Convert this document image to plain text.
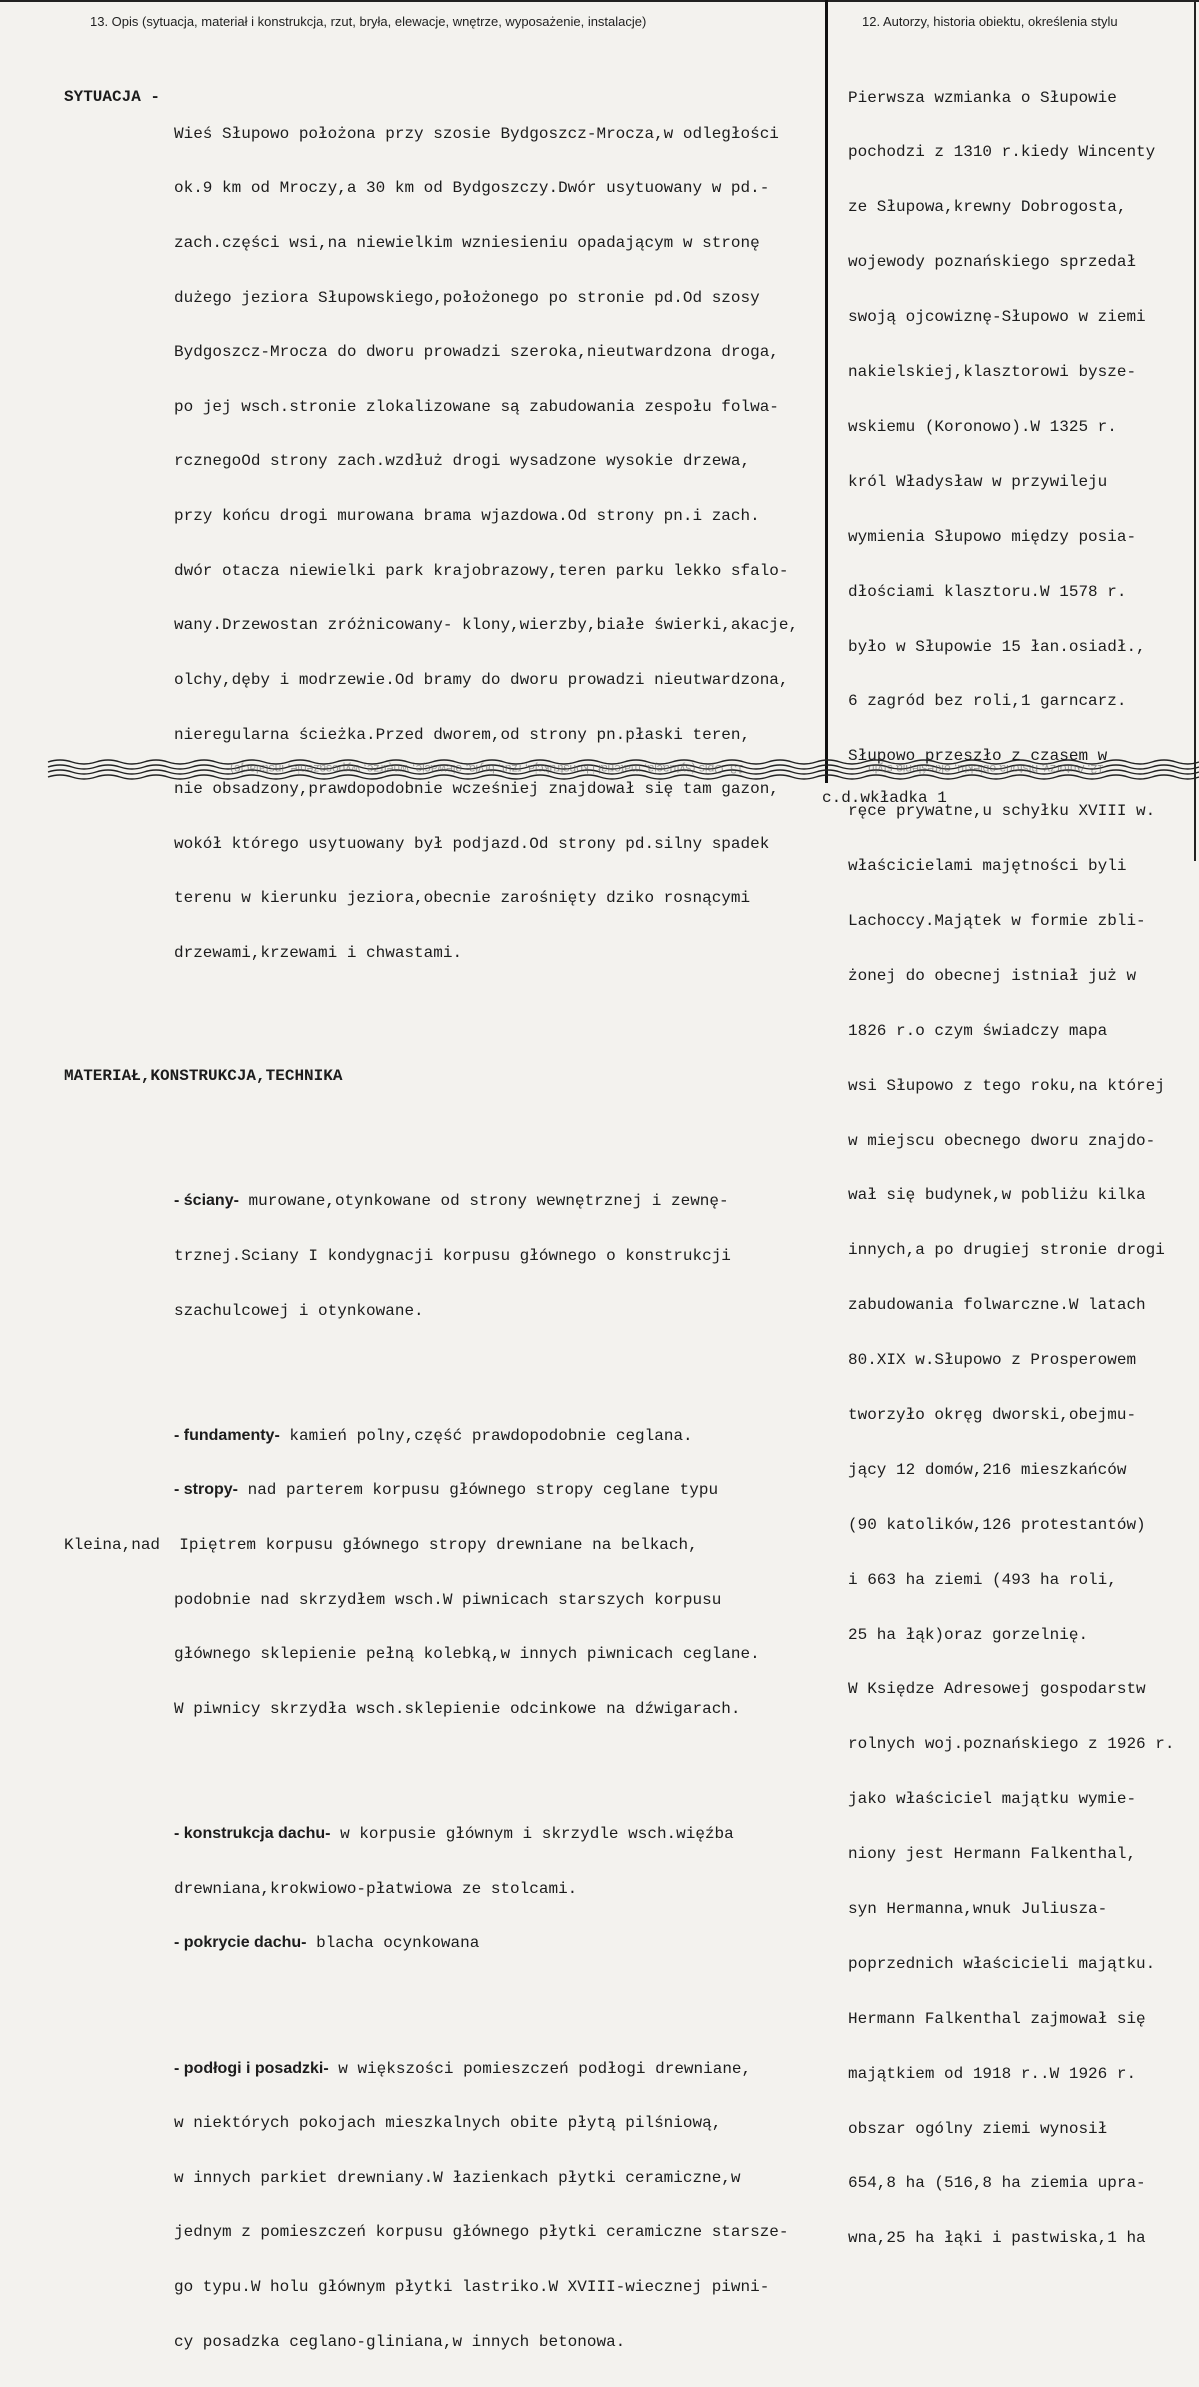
13. Opis (sytuacja, materiał i konstrukcja, rzut, bryła, elewacje, wnętrze, wyposażenie, instalacje)	12. Autorzy, historia obiektu, określenia stylu

SYTUACJA -

Wieś Słupowo położona przy szosie Bydgoszcz-Mrocza,w odległości

ok.9 km od Mroczy,a 30 km od Bydgoszczy.Dwór usytuowany w pd.-

zach.części wsi,na niewielkim wzniesieniu opadającym w stronę

dużego jeziora Słupowskiego,położonego po stronie pd.Od szosy

Bydgoszcz-Mrocza do dworu prowadzi szeroka,nieutwardzona droga,

po jej wsch.stronie zlokalizowane są zabudowania zespołu folwa-

rcznegoOd strony zach.wzdłuż drogi wysadzone wysokie drzewa,

przy końcu drogi murowana brama wjazdowa.Od strony pn.i zach.

dwór otacza niewielki park krajobrazowy,teren parku lekko sfalo-

wany.Drzewostan zróżnicowany- klony,wierzby,białe świerki,akacje,

olchy,dęby i modrzewie.Od bramy do dworu prowadzi nieutwardzona,

nieregularna ścieżka.Przed dworem,od strony pn.płaski teren,

nie obsadzony,prawdopodobnie wcześniej znajdował się tam gazon,

wokół którego usytuowany był podjazd.Od strony pd.silny spadek

terenu w kierunku jeziora,obecnie zarośnięty dziko rosnącymi

drzewami,krzewami i chwastami.

MATERIAŁ,KONSTRUKCJA,TECHNIKA

- ściany- murowane,otynkowane od strony wewnętrznej i zewnę-

trznej.Sciany I kondygnacji korpusu głównego o konstrukcji

szachulcowej i otynkowane.

- fundamenty- kamień polny,część prawdopodobnie ceglana.

- stropy- nad parterem korpusu głównego stropy ceglane typu

Kleina,nad  Ipiętrem korpusu głównego stropy drewniane na belkach,

podobnie nad skrzydłem wsch.W piwnicach starszych korpusu

głównego sklepienie pełną kolebką,w innych piwnicach ceglane.

W piwnicy skrzydła wsch.sklepienie odcinkowe na dźwigarach.

- konstrukcja dachu- w korpusie głównym i skrzydle wsch.więźba

drewniana,krokwiowo-płatwiowa ze stolcami.

- pokrycie dachu- blacha ocynkowana

- podłogi i posadzki- w większości pomieszczeń podłogi drewniane,

w niektórych pokojach mieszkalnych obite płytą pilśniową,

w innych parkiet drewniany.W łazienkach płytki ceramiczne,w

jednym z pomieszczeń korpusu głównego płytki ceramiczne starsze-

go typu.W holu głównym płytki lastriko.W XVIII-wiecznej piwni-

cy posadzka ceglano-gliniana,w innych betonowa.

Pierwsza wzmianka o Słupowie

pochodzi z 1310 r.kiedy Wincenty

ze Słupowa,krewny Dobrogosta,

wojewody poznańskiego sprzedał

swoją ojcowiznę-Słupowo w ziemi

nakielskiej,klasztorowi bysze-

wskiemu (Koronowo).W 1325 r.

król Władysław w przywileju

wymienia Słupowo między posia-

dłościami klasztoru.W 1578 r.

było w Słupowie 15 łan.osiadł.,

6 zagród bez roli,1 garncarz.

Słupowo przeszło z czasem w

ręce prywatne,u schyłku XVIII w.

właścicielami majętności byli

Lachoccy.Majątek w formie zbli-

żonej do obecnej istniał już w

1826 r.o czym świadczy mapa

wsi Słupowo z tego roku,na której

w miejscu obecnego dworu znajdo-

wał się budynek,w pobliżu kilka

innych,a po drugiej stronie drogi

zabudowania folwarczne.W latach

80.XIX w.Słupowo z Prosperowem

tworzyło okręg dworski,obejmu-

jący 12 domów,216 mieszkańców

(90 katolików,126 protestantów)

i 663 ha ziemi (493 ha roli,

25 ha łąk)oraz gorzelnię.

W Księdze Adresowej gospodarstw

rolnych woj.poznańskiego z 1926 r.

jako właściciel majątku wymie-

niony jest Hermann Falkenthal,

syn Hermanna,wnuk Juliusza-

poprzednich właścicieli majątku.

Hermann Falkenthal zajmował się

majątkiem od 1918 r..W 1926 r.

obszar ogólny ziemi wynosił

654,8 ha (516,8 ha ziemia upra-

wna,25 ha łąki i pastwiska,1 ha

13. Opis (sytuacja, materiał i konstrukcja, rzut, bryła, elewacje, wnętrze, wyposażenie, instalacje)	12. Autorzy, historia obiektu, określenia stylu
c.d.wkładka 1
